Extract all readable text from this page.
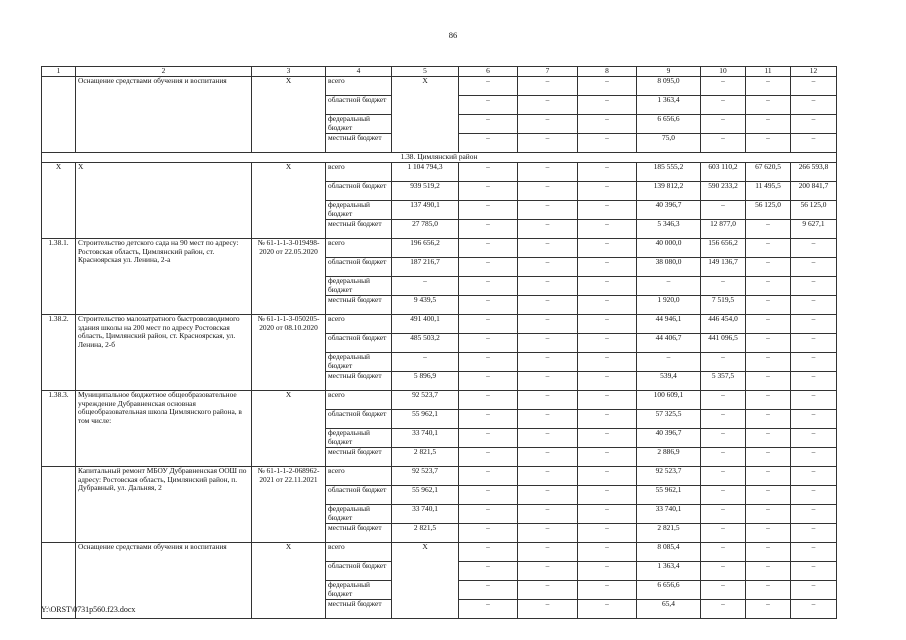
86
1	2	3	4	5	6	7	8	9	10	11	12
	Оснащение средствами обучения и воспитания	Х	всего	Х	–	–	–	8 095,0	–	–	–
			областной бюджет		–	–	–	1 363,4	–	–	–
			федеральный бюджет		–	–	–	6 656,6	–	–	–
			местный бюджет		–	–	–	75,0	–	–	–
1.38. Цимлянский район											
Х	Х	Х	всего	1 104 794,3	–	–	–	185 555,2	603 110,2	67 620,5	266 593,8
			областной бюджет	939 519,2	–	–	–	139 812,2	590 233,2	11 495,5	200 841,7
			федеральный бюджет	137 490,1	–	–	–	40 396,7	–	56 125,0	56 125,0
			местный бюджет	27 785,0	–	–	–	5 346,3	12 877,0	–	9 627,1
1.38.1.	Строительство детского сада на 90 мест по адресу: Ростовская область, Цимлянский район, ст. Красноярская ул. Ленина, 2-а	№ 61-1-1-3-019498-2020 от 22.05.2020	всего	196 656,2	–	–	–	40 000,0	156 656,2	–	–
			областной бюджет	187 216,7	–	–	–	38 080,0	149 136,7	–	–
			федеральный бюджет	–	–	–	–	–	–	–	–
			местный бюджет	9 439,5	–	–	–	1 920,0	7 519,5	–	–
1.38.2.	Строительство малозатратного быстровозводимого здания школы на 200 мест по адресу Ростовская область, Цимлянский район, ст. Красноярская, ул. Ленина, 2-б	№ 61-1-1-3-050205-2020 от 08.10.2020	всего	491 400,1	–	–	–	44 946,1	446 454,0	–	–
			областной бюджет	485 503,2	–	–	–	44 406,7	441 096,5	–	–
			федеральный бюджет	–	–	–	–	–	–	–	–
			местный бюджет	5 896,9	–	–	–	539,4	5 357,5	–	–
1.38.3.	Муниципальное бюджетное общеобразовательное учреждение Дубравненская основная общеобразовательная школа Цимлянского района, в том числе:	Х	всего	92 523,7	–	–	–	100 609,1	–	–	–
			областной бюджет	55 962,1	–	–	–	57 325,5	–	–	–
			федеральный бюджет	33 740,1	–	–	–	40 396,7	–	–	–
			местный бюджет	2 821,5	–	–	–	2 886,9	–	–	–
	Капитальный ремонт МБОУ Дубравненская ООШ по адресу: Ростовская область, Цимлянский район, п. Дубравный, ул. Дальняя, 2	№ 61-1-1-2-068962-2021 от 22.11.2021	всего	92 523,7	–	–	–	92 523,7	–	–	–
			областной бюджет	55 962,1	–	–	–	55 962,1	–	–	–
			федеральный бюджет	33 740,1	–	–	–	33 740,1	–	–	–
			местный бюджет	2 821,5	–	–	–	2 821,5	–	–	–
	Оснащение средствами обучения и воспитания	Х	всего	Х	–	–	–	8 085,4	–	–	–
			областной бюджет		–	–	–	1 363,4	–	–	–
			федеральный бюджет		–	–	–	6 656,6	–	–	–
			местный бюджет		–	–	–	65,4	–	–	–
Y:\ORST\0731p560.f23.docx
